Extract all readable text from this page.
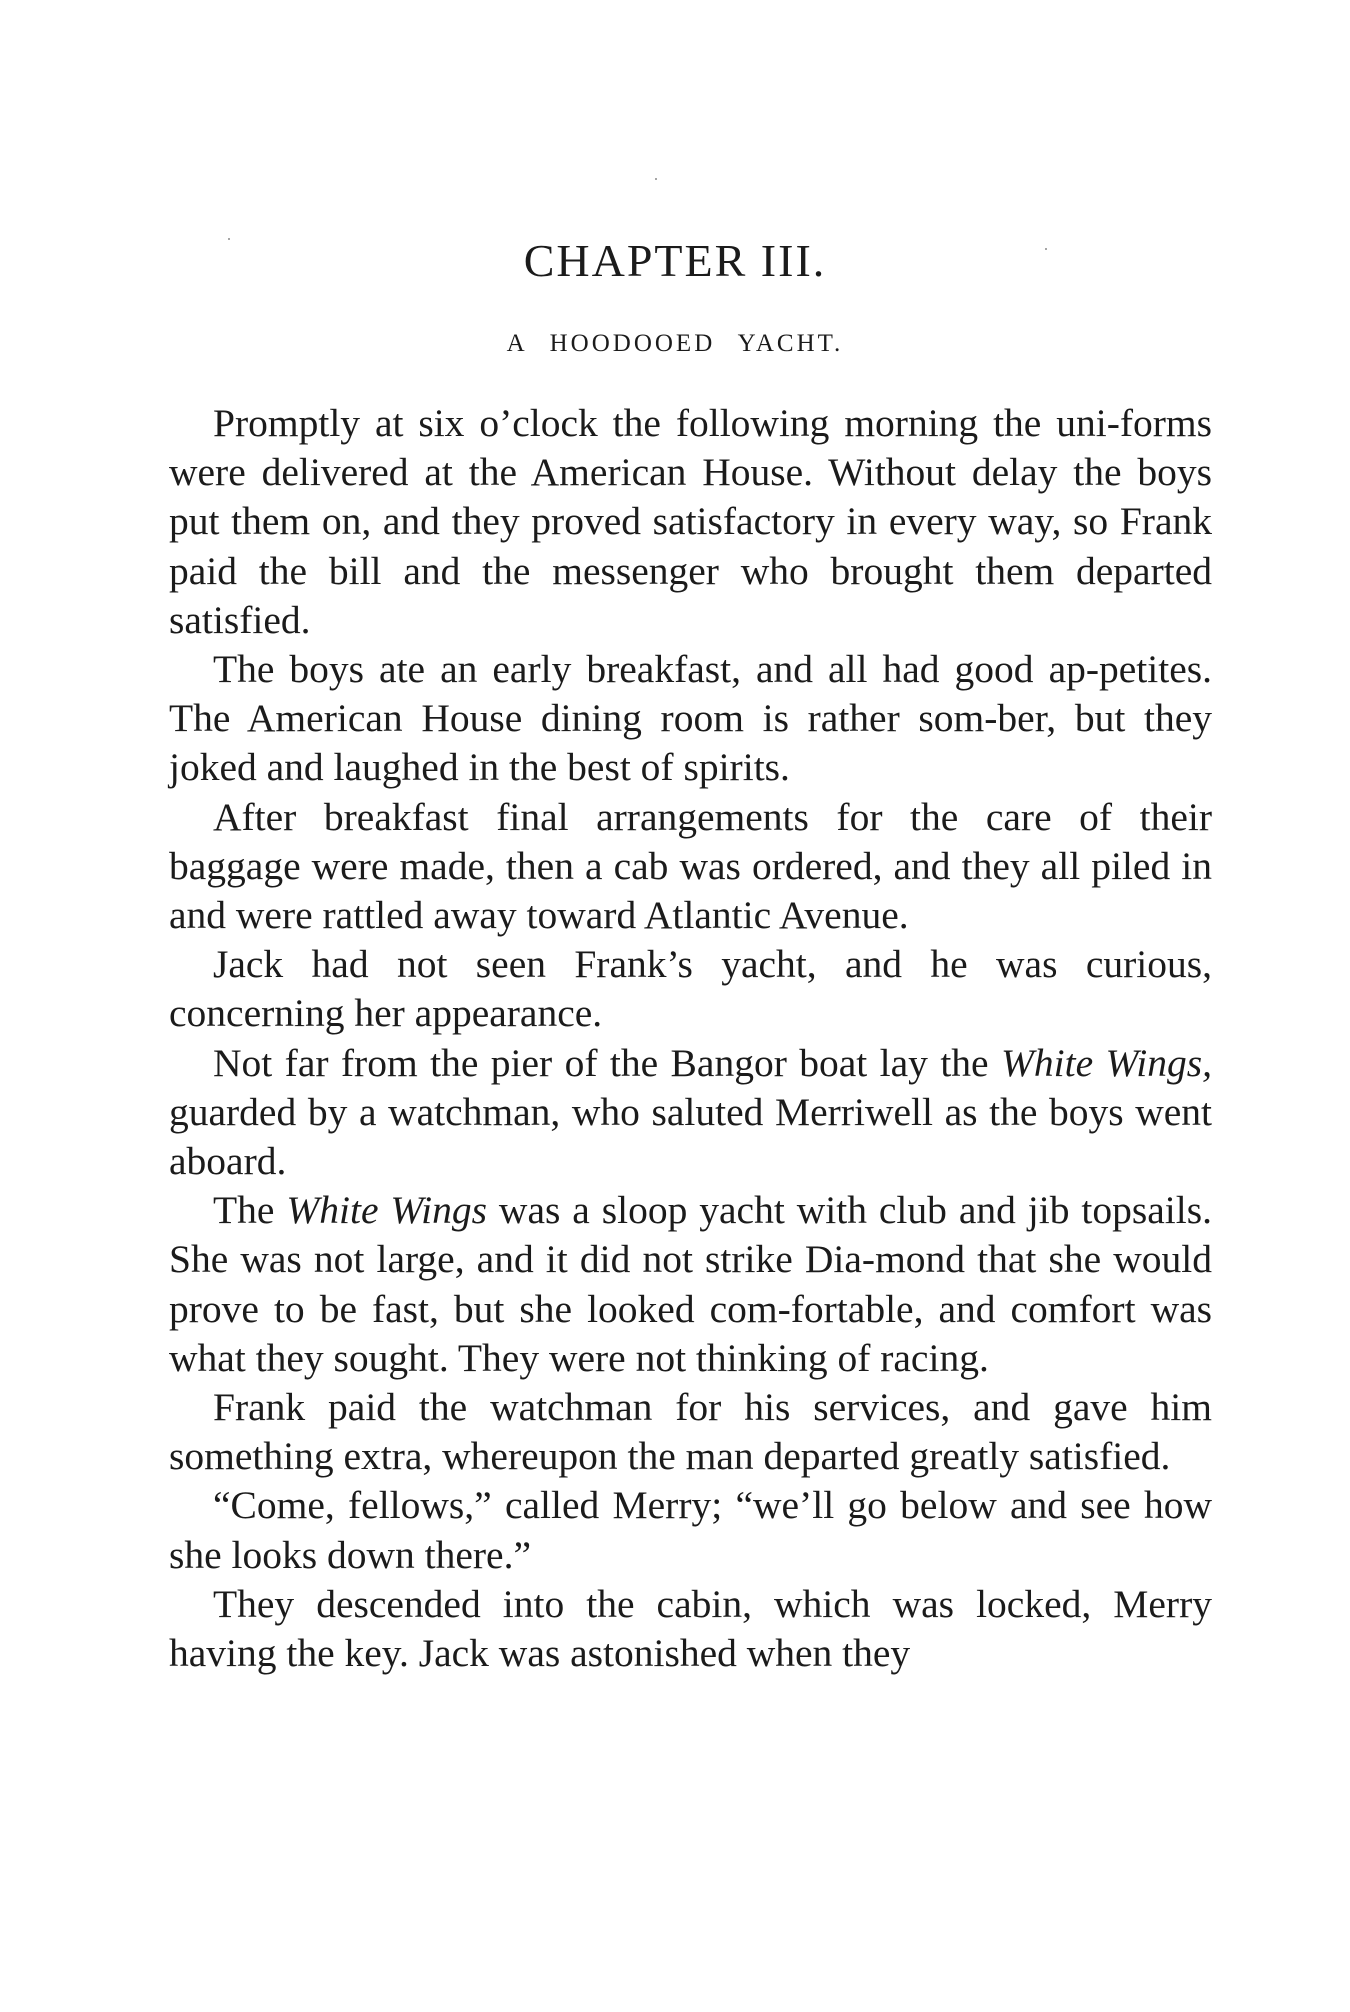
CHAPTER III.
A HOODOOED YACHT.

Promptly at six o’clock the following morning the uni-forms were delivered at the American House. Without delay the boys put them on, and they proved satisfactory in every way, so Frank paid the bill and the messenger who brought them departed satisfied.

The boys ate an early breakfast, and all had good ap-petites. The American House dining room is rather som-ber, but they joked and laughed in the best of spirits.

After breakfast final arrangements for the care of their baggage were made, then a cab was ordered, and they all piled in and were rattled away toward Atlantic Avenue.

Jack had not seen Frank’s yacht, and he was curious, concerning her appearance.

Not far from the pier of the Bangor boat lay the White Wings, guarded by a watchman, who saluted Merriwell as the boys went aboard.

The White Wings was a sloop yacht with club and jib topsails. She was not large, and it did not strike Dia-mond that she would prove to be fast, but she looked com-fortable, and comfort was what they sought. They were not thinking of racing.

Frank paid the watchman for his services, and gave him something extra, whereupon the man departed greatly satisfied.

“Come, fellows,” called Merry; “we’ll go below and see how she looks down there.”

They descended into the cabin, which was locked, Merry having the key. Jack was astonished when they
